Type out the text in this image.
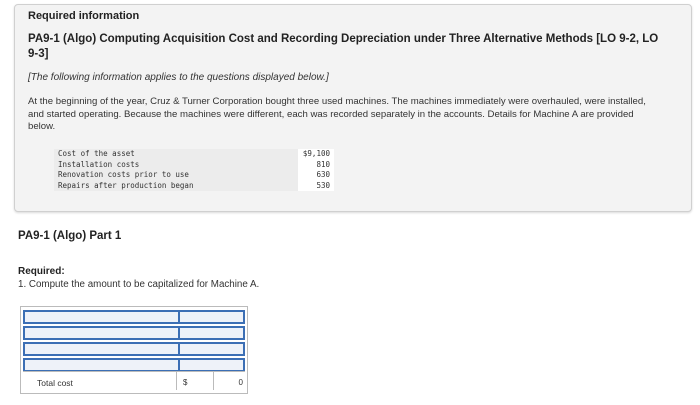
Required information
PA9-1 (Algo) Computing Acquisition Cost and Recording Depreciation under Three Alternative Methods [LO 9-2, LO 9-3]
[The following information applies to the questions displayed below.]
At the beginning of the year, Cruz & Turner Corporation bought three used machines. The machines immediately were overhauled, were installed, and started operating. Because the machines were different, each was recorded separately in the accounts. Details for Machine A are provided below.
Cost of the asset	$9,100
Installation costs	810
Renovation costs prior to use	630
Repairs after production began	530
PA9-1 (Algo) Part 1
Required:
1. Compute the amount to be capitalized for Machine A.
Total cost	$	0
